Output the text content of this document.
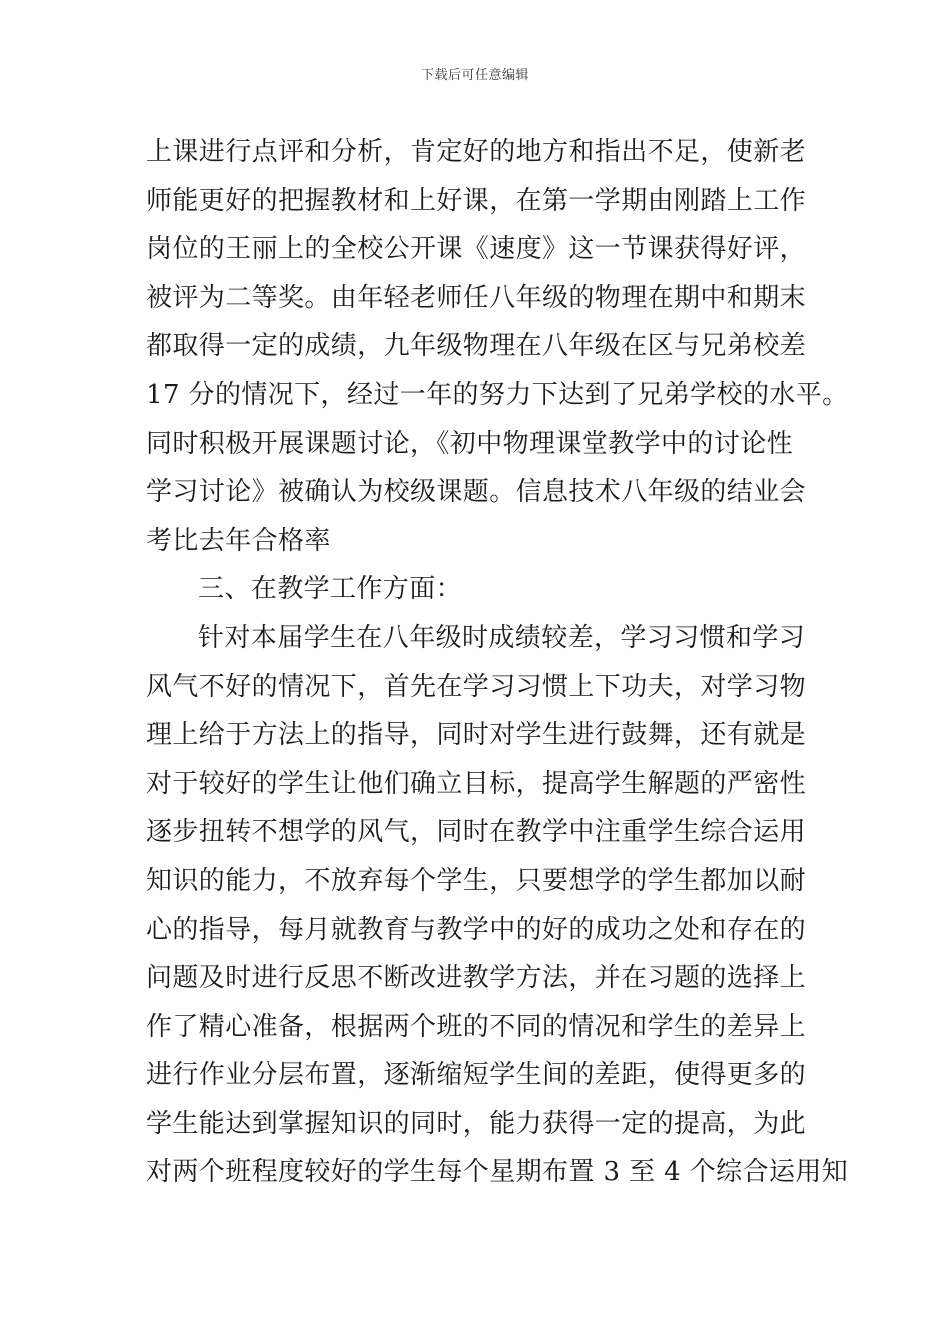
下载后可任意编辑
上课进行点评和分析，肯定好的地方和指出不足，使新老
师能更好的把握教材和上好课，在第一学期由刚踏上工作
岗位的王丽上的全校公开课《速度》这一节课获得好评，
被评为二等奖。由年轻老师任八年级的物理在期中和期末
都取得一定的成绩，九年级物理在八年级在区与兄弟校差
17 分的情况下，经过一年的努力下达到了兄弟学校的水平。
同时积极开展课题讨论，《初中物理课堂教学中的讨论性
学习讨论》被确认为校级课题。信息技术八年级的结业会
考比去年合格率
三、在教学工作方面：
针对本届学生在八年级时成绩较差，学习习惯和学习
风气不好的情况下，首先在学习习惯上下功夫，对学习物
理上给于方法上的指导，同时对学生进行鼓舞，还有就是
对于较好的学生让他们确立目标，提高学生解题的严密性
逐步扭转不想学的风气，同时在教学中注重学生综合运用
知识的能力，不放弃每个学生，只要想学的学生都加以耐
心的指导，每月就教育与教学中的好的成功之处和存在的
问题及时进行反思不断改进教学方法，并在习题的选择上
作了精心准备，根据两个班的不同的情况和学生的差异上
进行作业分层布置，逐渐缩短学生间的差距，使得更多的
学生能达到掌握知识的同时，能力获得一定的提高，为此
对两个班程度较好的学生每个星期布置 3 至 4 个综合运用知
